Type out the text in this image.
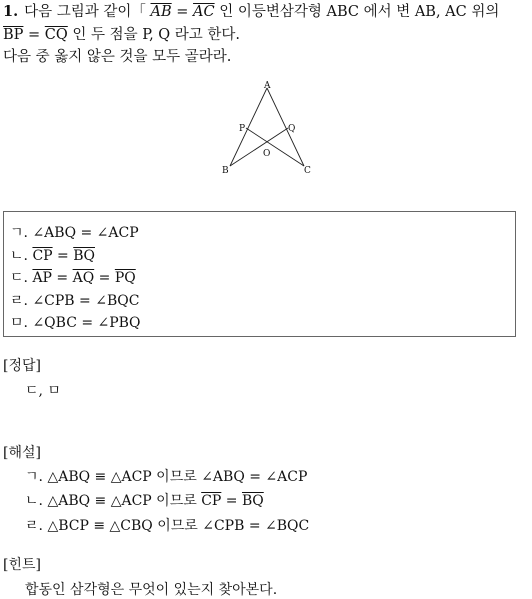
1. 다음 그림과 같이「 $\overline{AB} = \overline{AC}$ 인 이등변삼각형 ABC 에서 변 AB, AC 위의
$\overline{BP} = \overline{CQ}$ 인 두 점을 P, Q 라고 한다.
다음 중 옳지 않은 것을 모두 골라라.
A
P	Q
O
B	C
ㄱ. ∠ABQ = ∠ACP
ㄴ. $\overline{CP} = \overline{BQ}$
ㄷ. $\overline{AP} = \overline{AQ} = \overline{PQ}$
ㄹ. ∠CPB = ∠BQC
ㅁ. ∠QBC = ∠PBQ
[정답]
ㄷ, ㅁ
[해설]
ㄱ. △ABQ ≡ △ACP 이므로 ∠ABQ = ∠ACP
ㄴ. △ABQ ≡ △ACP 이므로 $\overline{CP} = \overline{BQ}$
ㄹ. △BCP ≡ △CBQ 이므로 ∠CPB = ∠BQC
[힌트]
합동인 삼각형은 무엇이 있는지 찾아본다.
